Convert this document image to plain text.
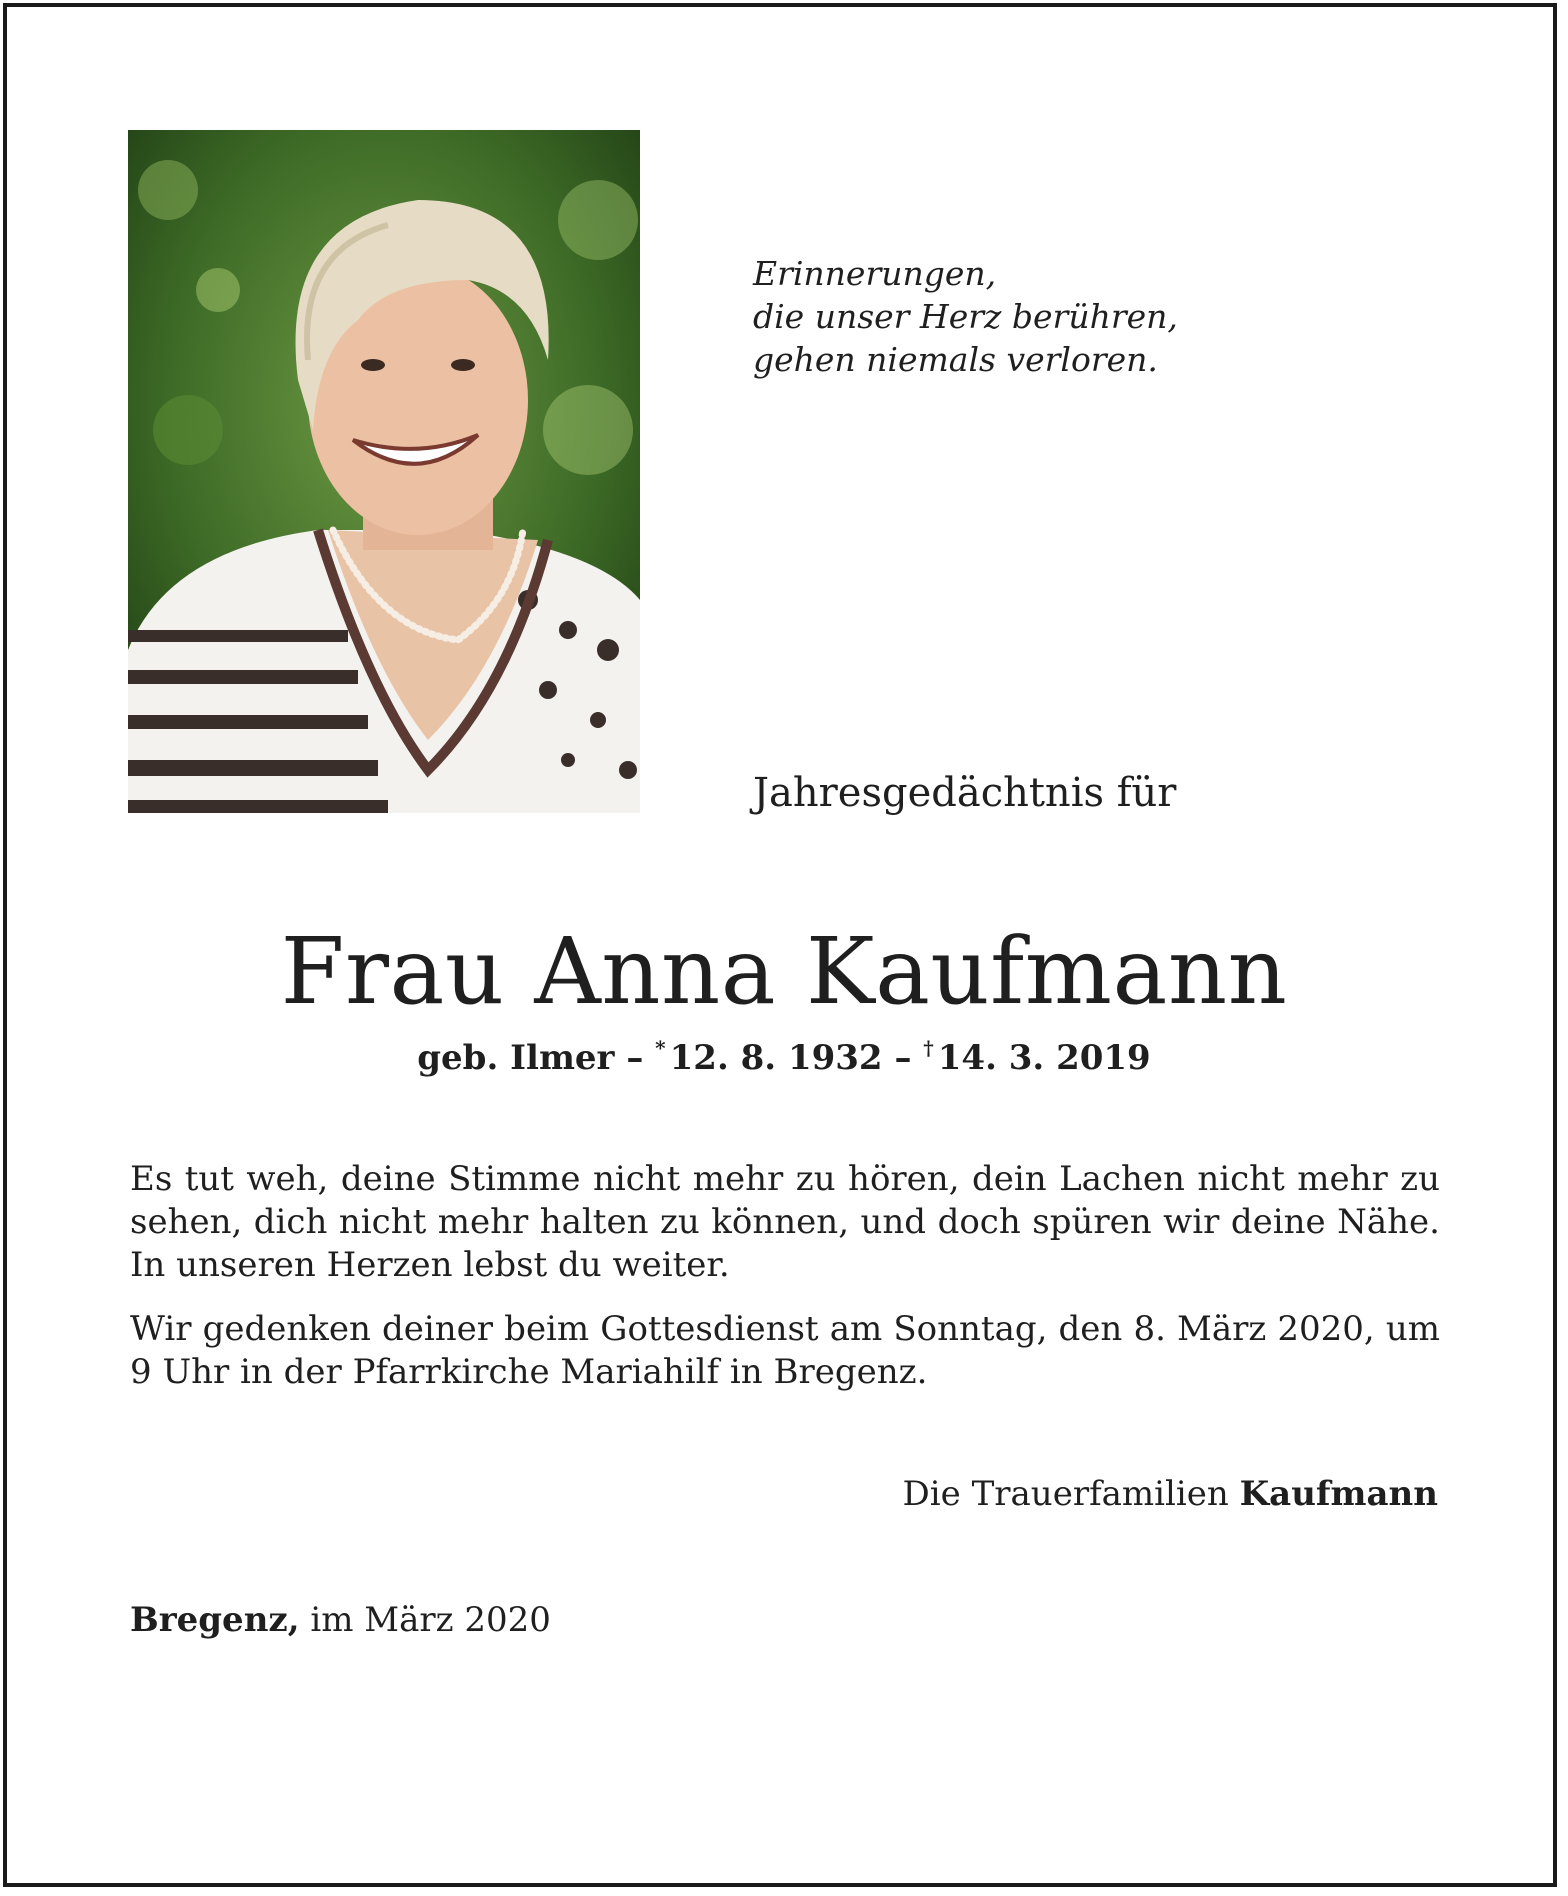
Erinnerungen,
die unser Herz berühren,
gehen niemals verloren.

Jahresgedächtnis für

Frau Anna Kaufmann

geb. Ilmer – * 12. 8. 1932 – † 14. 3. 2019

Es tut weh, deine Stimme nicht mehr zu hören, dein Lachen nicht mehr zu sehen, dich nicht mehr halten zu können, und doch spüren wir deine Nähe. In unseren Herzen lebst du weiter.

Wir gedenken deiner beim Gottesdienst am Sonntag, den 8. März 2020, um 9 Uhr in der Pfarrkirche Mariahilf in Bregenz.

Die Trauerfamilien Kaufmann

Bregenz, im März 2020
